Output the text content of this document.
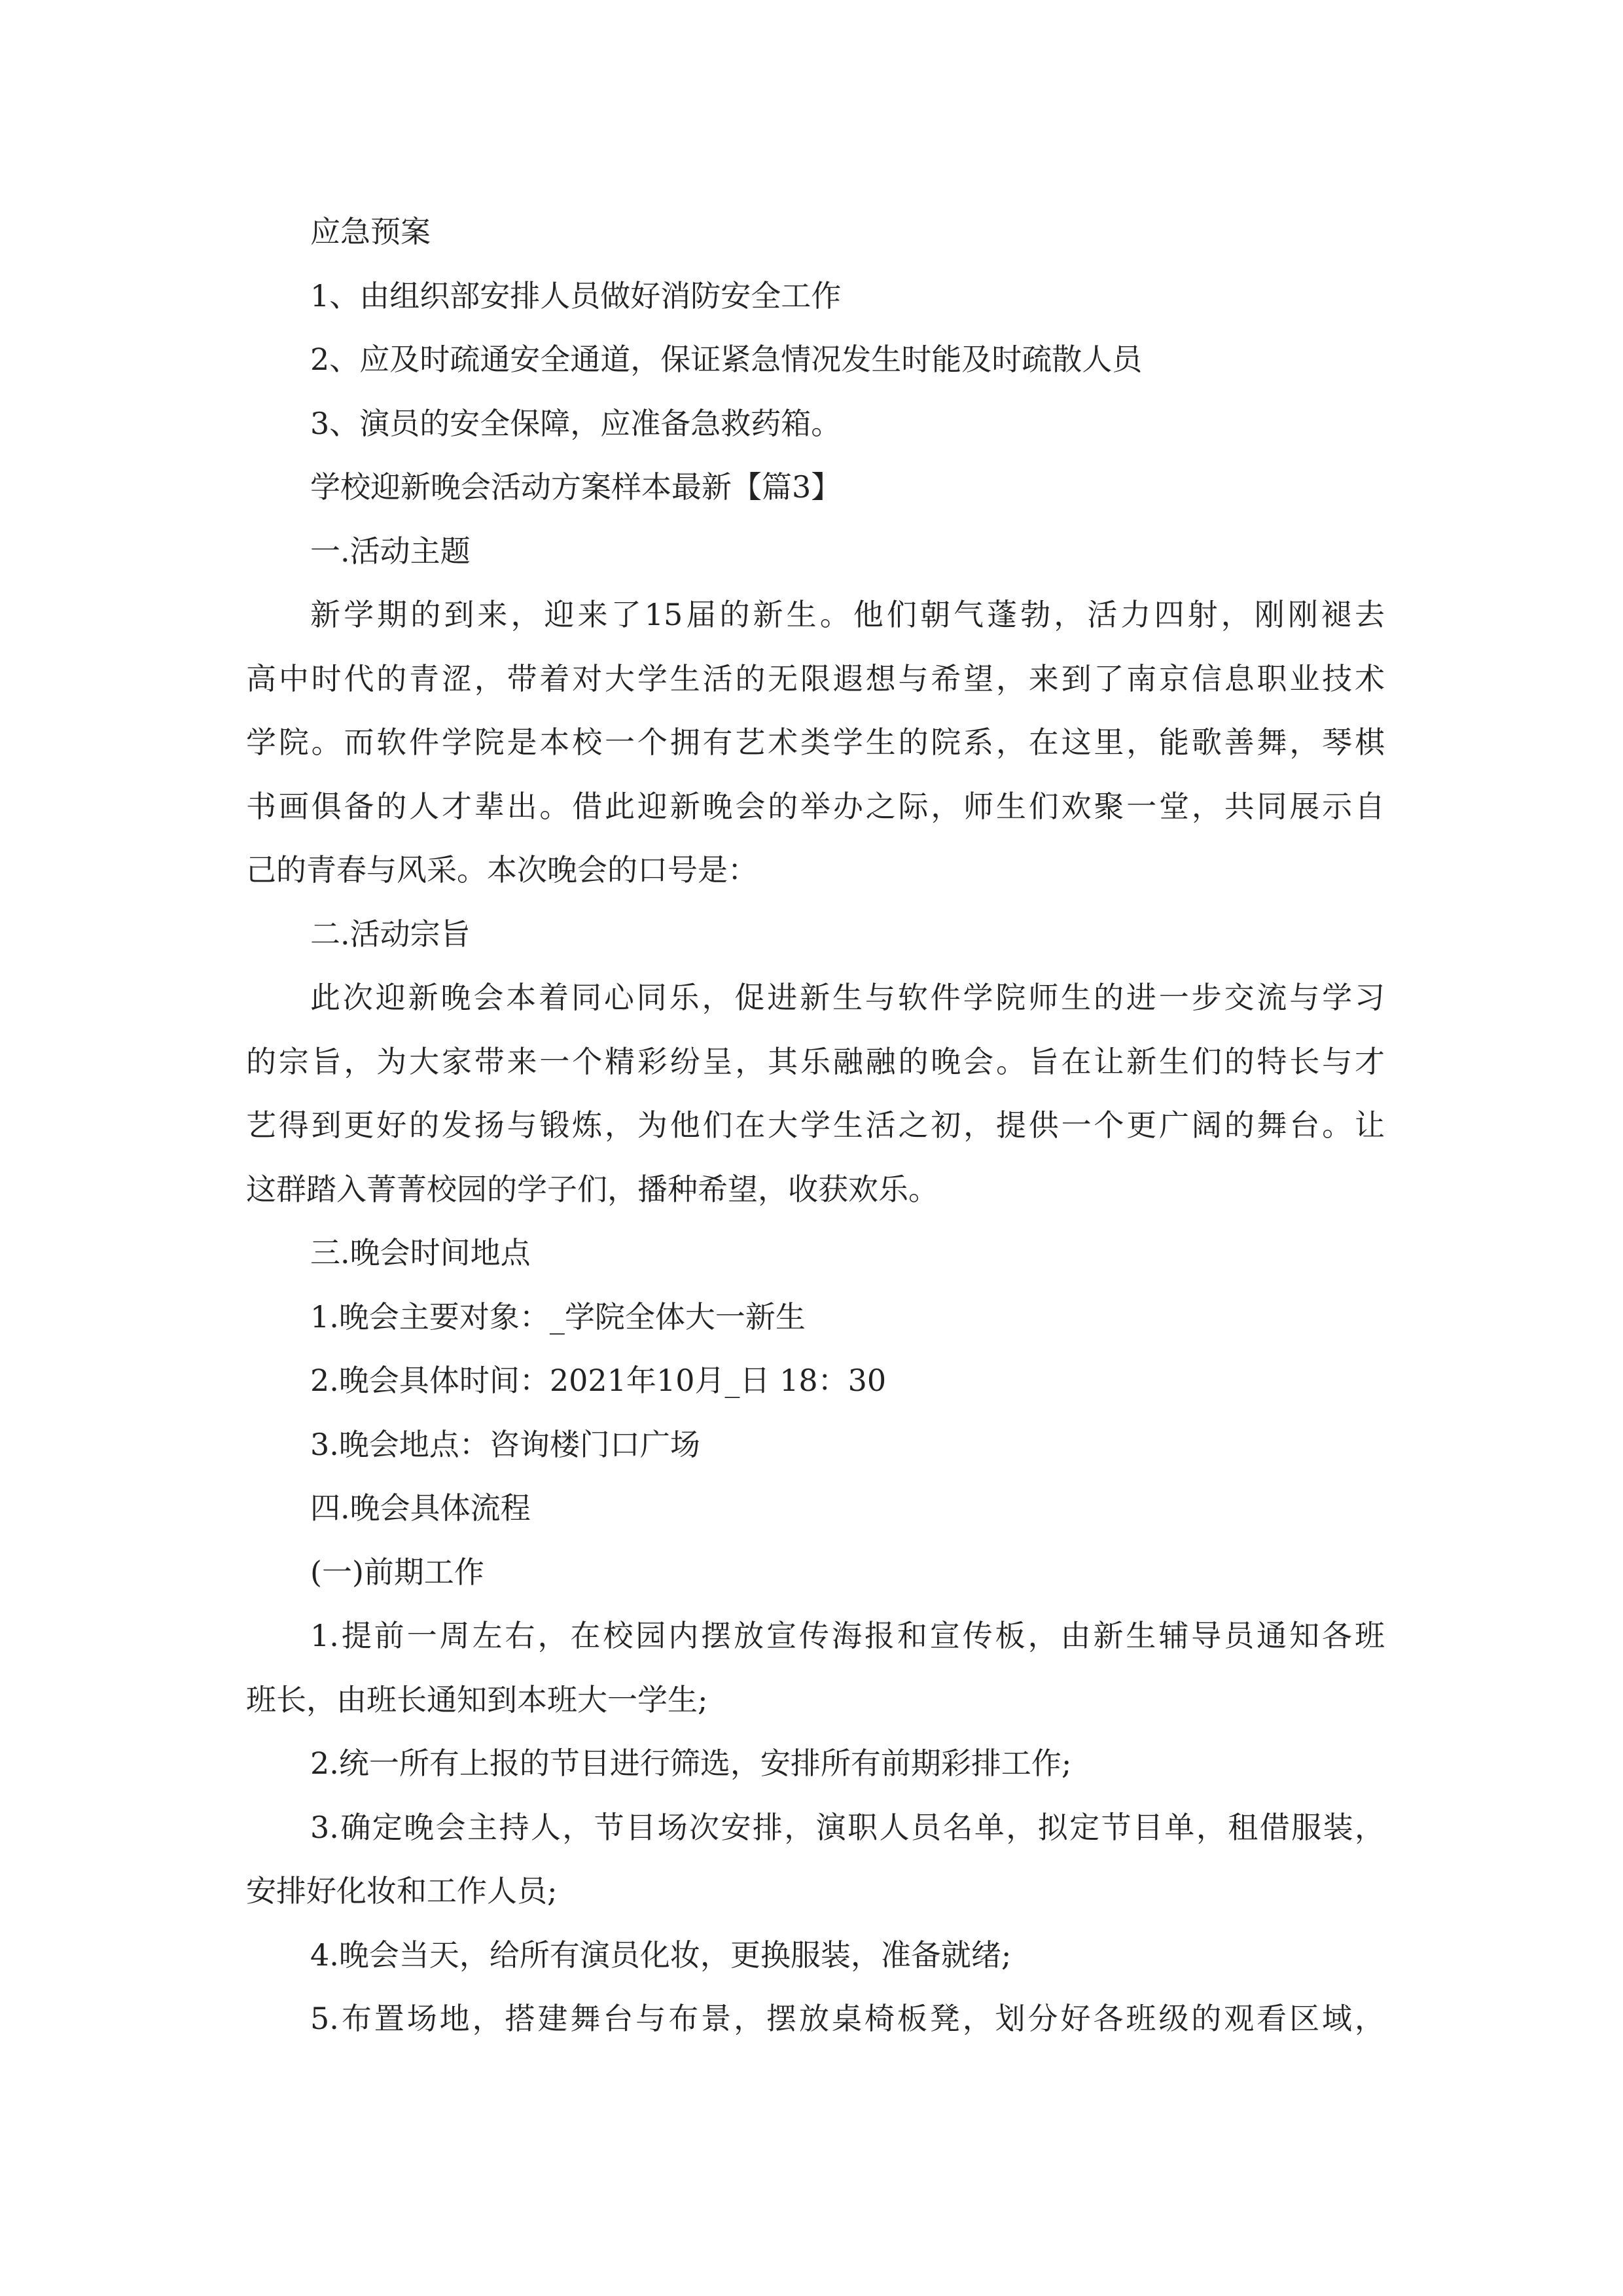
应急预案
1、由组织部安排人员做好消防安全工作
2、应及时疏通安全通道，保证紧急情况发生时能及时疏散人员
3、演员的安全保障，应准备急救药箱。
学校迎新晚会活动方案样本最新【篇3】
一.活动主题
新学期的到来，迎来了15届的新生。他们朝气蓬勃，活力四射，刚刚褪去
高中时代的青涩，带着对大学生活的无限遐想与希望，来到了南京信息职业技术
学院。而软件学院是本校一个拥有艺术类学生的院系，在这里，能歌善舞，琴棋
书画俱备的人才辈出。借此迎新晚会的举办之际，师生们欢聚一堂，共同展示自
己的青春与风采。本次晚会的口号是：
二.活动宗旨
此次迎新晚会本着同心同乐，促进新生与软件学院师生的进一步交流与学习
的宗旨，为大家带来一个精彩纷呈，其乐融融的晚会。旨在让新生们的特长与才
艺得到更好的发扬与锻炼，为他们在大学生活之初，提供一个更广阔的舞台。让
这群踏入菁菁校园的学子们，播种希望，收获欢乐。
三.晚会时间地点
1.晚会主要对象：_学院全体大一新生
2.晚会具体时间：2021年10月_日 18：30
3.晚会地点：咨询楼门口广场
四.晚会具体流程
(一)前期工作
1.提前一周左右，在校园内摆放宣传海报和宣传板，由新生辅导员通知各班
班长，由班长通知到本班大一学生;
2.统一所有上报的节目进行筛选，安排所有前期彩排工作;
3.确定晚会主持人，节目场次安排，演职人员名单，拟定节目单，租借服装，
安排好化妆和工作人员;
4.晚会当天，给所有演员化妆，更换服装，准备就绪;
5.布置场地，搭建舞台与布景，摆放桌椅板凳，划分好各班级的观看区域，
